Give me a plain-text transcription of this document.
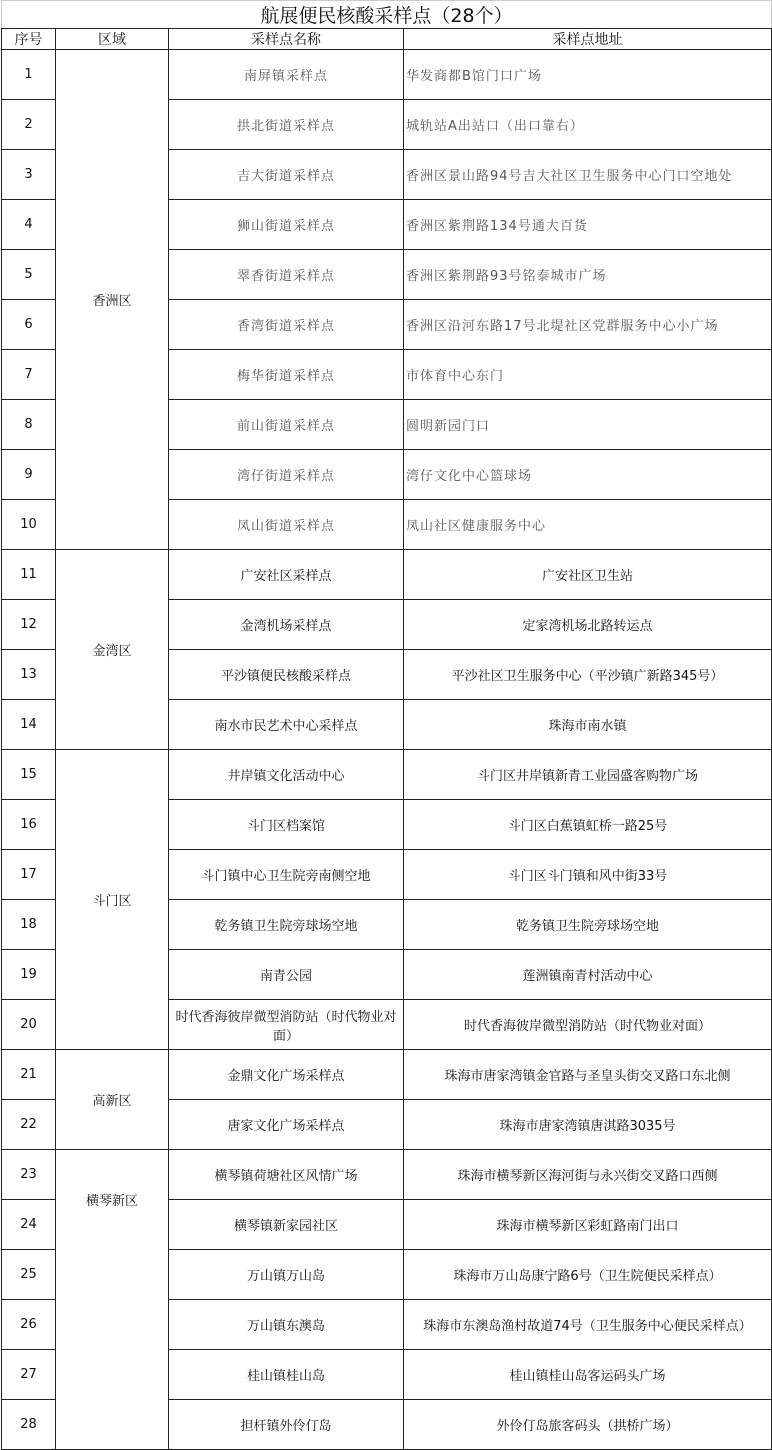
航展便民核酸采样点（28个）			
序号	区域	采样点名称	采样点地址
1	香洲区	南屏镇采样点	华发商都B馆门口广场
2		拱北街道采样点	城轨站A出站口（出口靠右）
3		吉大街道采样点	香洲区景山路94号吉大社区卫生服务中心门口空地处
4		狮山街道采样点	香洲区紫荆路134号通大百货
5		翠香街道采样点	香洲区紫荆路93号铭泰城市广场
6		香湾街道采样点	香洲区沿河东路17号北堤社区党群服务中心小广场
7		梅华街道采样点	市体育中心东门
8		前山街道采样点	圆明新园门口
9		湾仔街道采样点	湾仔文化中心篮球场
10		凤山街道采样点	凤山社区健康服务中心
11	金湾区	广安社区采样点	广安社区卫生站
12		金湾机场采样点	定家湾机场北路转运点
13		平沙镇便民核酸采样点	平沙社区卫生服务中心（平沙镇广新路345号）
14		南水市民艺术中心采样点	珠海市南水镇
15	斗门区	井岸镇文化活动中心	斗门区井岸镇新青工业园盛客购物广场
16		斗门区档案馆	斗门区白蕉镇虹桥一路25号
17		斗门镇中心卫生院旁南侧空地	斗门区斗门镇和风中街33号
18		乾务镇卫生院旁球场空地	乾务镇卫生院旁球场空地
19		南青公园	莲洲镇南青村活动中心
20		时代香海彼岸微型消防站（时代物业对面）	时代香海彼岸微型消防站（时代物业对面）
21	高新区	金鼎文化广场采样点	珠海市唐家湾镇金官路与圣皇头街交叉路口东北侧
22		唐家文化广场采样点	珠海市唐家湾镇唐淇路3035号
23	横琴新区	横琴镇荷塘社区风情广场	珠海市横琴新区海河街与永兴街交叉路口西侧
24		横琴镇新家园社区	珠海市横琴新区彩虹路南门出口
25		万山镇万山岛	珠海市万山岛康宁路6号（卫生院便民采样点）
26		万山镇东澳岛	珠海市东澳岛渔村故道74号（卫生服务中心便民采样点）
27		桂山镇桂山岛	桂山镇桂山岛客运码头广场
28		担杆镇外伶仃岛	外伶仃岛旅客码头（拱桥广场）
